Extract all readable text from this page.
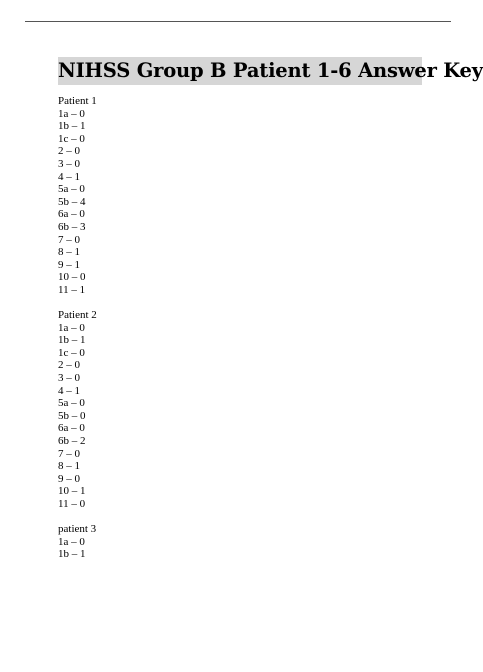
NIHSS Group B Patient 1-6 Answer Key
Patient 1
1a – 0
1b – 1
1c – 0
2 – 0
3 – 0
4 – 1
5a – 0
5b – 4
6a – 0
6b – 3
7 – 0
8 – 1
9 – 1
10 – 0
11 – 1
Patient 2
1a – 0
1b – 1
1c – 0
2 – 0
3 – 0
4 – 1
5a – 0
5b – 0
6a – 0
6b – 2
7 – 0
8 – 1
9 – 0
10 – 1
11 – 0
patient 3
1a – 0
1b – 1
